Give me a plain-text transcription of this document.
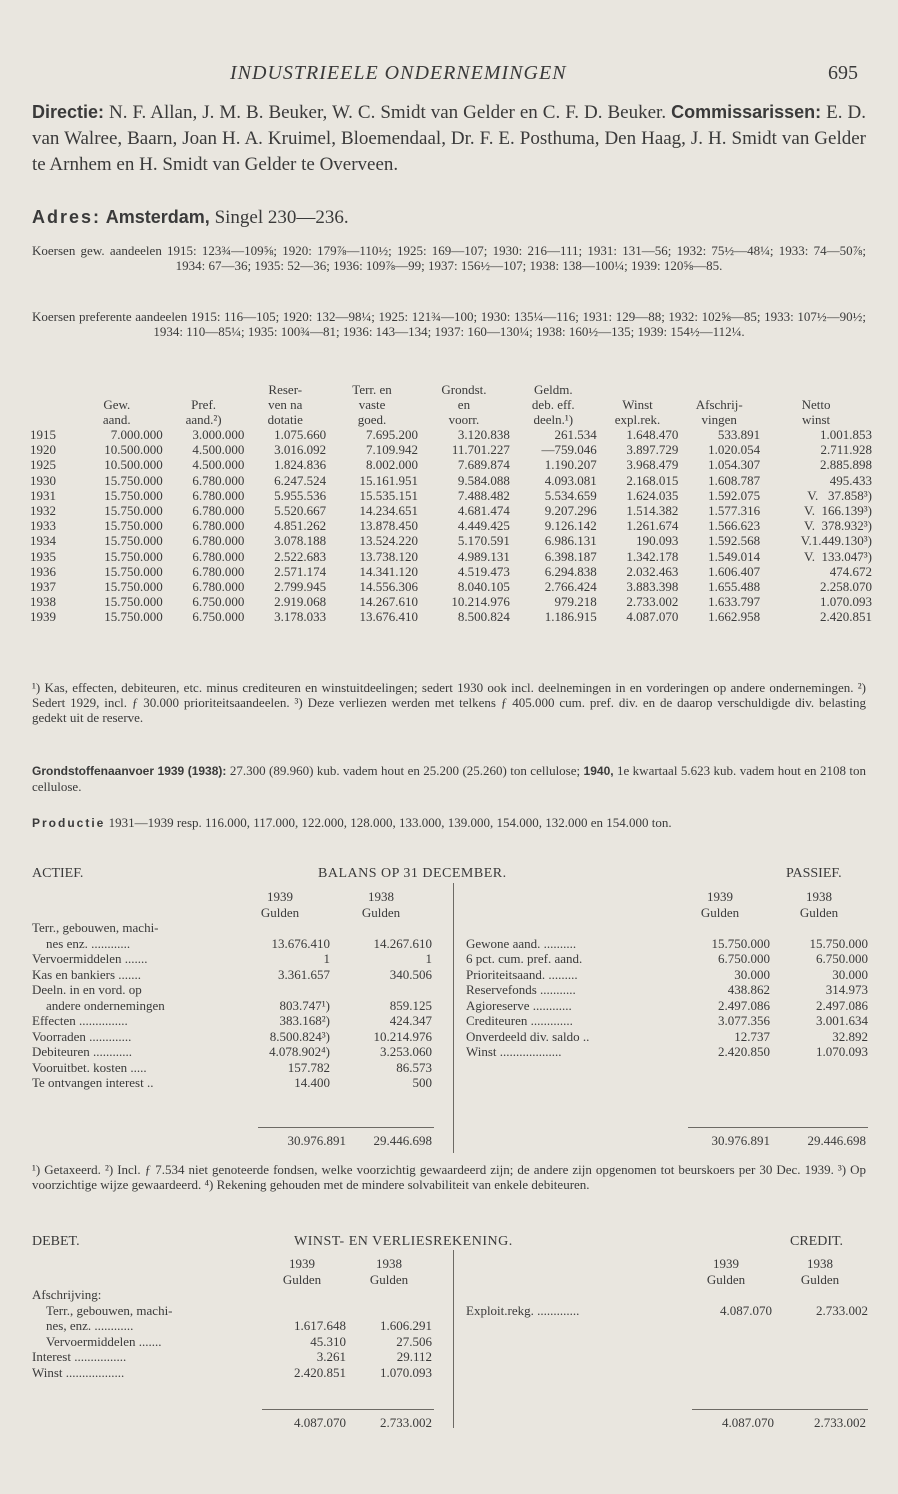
INDUSTRIEELE ONDERNEMINGEN	695
Directie: N. F. Allan, J. M. B. Beuker, W. C. Smidt van Gelder en C. F. D. Beuker. Commissarissen: E. D. van Walree, Baarn, Joan H. A. Kruimel, Bloemendaal, Dr. F. E. Posthuma, Den Haag, J. H. Smidt van Gelder te Arnhem en H. Smidt van Gelder te Overveen.
Adres: Amsterdam, Singel 230—236.
Koersen gew. aandeelen 1915: 123¾—109⅝; 1920: 179⅞—110½; 1925: 169—107; 1930: 216—111; 1931: 131—56; 1932: 75½—48¼; 1933: 74—50⅞; 1934: 67—36; 1935: 52—36; 1936: 109⅞—99; 1937: 156½—107; 1938: 138—100¼; 1939: 120⅝—85.
Koersen preferente aandeelen 1915: 116—105; 1920: 132—98¼; 1925: 121¾—100; 1930: 135¼—116; 1931: 129—88; 1932: 102⅝—85; 1933: 107½—90½; 1934: 110—85¼; 1935: 100¾—81; 1936: 143—134; 1937: 160—130¼; 1938: 160½—135; 1939: 154½—112¼.
			Reser-	Terr. en	Grondst.	Geldm.			
	Gew.	Pref.	ven na	vaste	en	deb. eff.	Winst	Afschrij-	Netto
	aand.	aand.²)	dotatie	goed.	voorr.	deeln.¹)	expl.rek.	vingen	winst
1915	7.000.000	3.000.000	1.075.660	7.695.200	3.120.838	261.534	1.648.470	533.891	1.001.853
1920	10.500.000	4.500.000	3.016.092	7.109.942	11.701.227	—759.046	3.897.729	1.020.054	2.711.928
1925	10.500.000	4.500.000	1.824.836	8.002.000	7.689.874	1.190.207	3.968.479	1.054.307	2.885.898
1930	15.750.000	6.780.000	6.247.524	15.161.951	9.584.088	4.093.081	2.168.015	1.608.787	495.433
1931	15.750.000	6.780.000	5.955.536	15.535.151	7.488.482	5.534.659	1.624.035	1.592.075	V.   37.858³)
1932	15.750.000	6.780.000	5.520.667	14.234.651	4.681.474	9.207.296	1.514.382	1.577.316	V.  166.139³)
1933	15.750.000	6.780.000	4.851.262	13.878.450	4.449.425	9.126.142	1.261.674	1.566.623	V.  378.932³)
1934	15.750.000	6.780.000	3.078.188	13.524.220	5.170.591	6.986.131	190.093	1.592.568	V.1.449.130³)
1935	15.750.000	6.780.000	2.522.683	13.738.120	4.989.131	6.398.187	1.342.178	1.549.014	V.  133.047³)
1936	15.750.000	6.780.000	2.571.174	14.341.120	4.519.473	6.294.838	2.032.463	1.606.407	474.672
1937	15.750.000	6.780.000	2.799.945	14.556.306	8.040.105	2.766.424	3.883.398	1.655.488	2.258.070
1938	15.750.000	6.750.000	2.919.068	14.267.610	10.214.976	979.218	2.733.002	1.633.797	1.070.093
1939	15.750.000	6.750.000	3.178.033	13.676.410	8.500.824	1.186.915	4.087.070	1.662.958	2.420.851
¹) Kas, effecten, debiteuren, etc. minus crediteuren en winstuitdeelingen; sedert 1930 ook incl. deelnemingen in en vorderingen op andere ondernemingen. ²) Sedert 1929, incl. ƒ 30.000 prioriteitsaandeelen. ³) Deze verliezen werden met telkens ƒ 405.000 cum. pref. div. en de daarop verschuldigde div. belasting gedekt uit de reserve.
Grondstoffenaanvoer 1939 (1938): 27.300 (89.960) kub. vadem hout en 25.200 (25.260) ton cellulose; 1940, 1e kwartaal 5.623 kub. vadem hout en 2108 ton cellulose.
Productie 1931—1939 resp. 116.000, 117.000, 122.000, 128.000, 133.000, 139.000, 154.000, 132.000 en 154.000 ton.
ACTIEF.	BALANS OP 31 DECEMBER.	PASSIEF.
	1939	1938
	Gulden	Gulden
Terr., gebouwen, machi-		
nes enz. ............	13.676.410	14.267.610
Vervoermiddelen .......	1	1
Kas en bankiers .......	3.361.657	340.506
Deeln. in en vord. op		
andere ondernemingen	803.747¹)	859.125
Effecten ...............	383.168²)	424.347
Voorraden .............	8.500.824³)	10.214.976
Debiteuren ............	4.078.902⁴)	3.253.060
Vooruitbet. kosten .....	157.782	86.573
Te ontvangen interest ..	14.400	500
	1939	1938
	Gulden	Gulden

Gewone aand. ..........	15.750.000	15.750.000
6 pct. cum. pref. aand.	6.750.000	6.750.000
Prioriteitsaand. .........	30.000	30.000
Reservefonds ...........	438.862	314.973
Agioreserve ............	2.497.086	2.497.086
Crediteuren .............	3.077.356	3.001.634
Onverdeeld div. saldo ..	12.737	32.892
Winst ...................	2.420.850	1.070.093
30.976.891	29.446.698	30.976.891	29.446.698
¹) Getaxeerd. ²) Incl. ƒ 7.534 niet genoteerde fondsen, welke voorzichtig gewaardeerd zijn; de andere zijn opgenomen tot beurskoers per 30 Dec. 1939. ³) Op voorzichtige wijze gewaardeerd. ⁴) Rekening gehouden met de mindere solvabiliteit van enkele debiteuren.
DEBET.	WINST- EN VERLIESREKENING.	CREDIT.
	1939	1938
	Gulden	Gulden
Afschrijving:		
Terr., gebouwen, machi-		
nes, enz. ............	1.617.648	1.606.291
Vervoermiddelen .......	45.310	27.506
Interest ................	3.261	29.112
Winst ..................	2.420.851	1.070.093
	1939	1938
	Gulden	Gulden

Exploit.rekg. .............	4.087.070	2.733.002
4.087.070	2.733.002	4.087.070	2.733.002
